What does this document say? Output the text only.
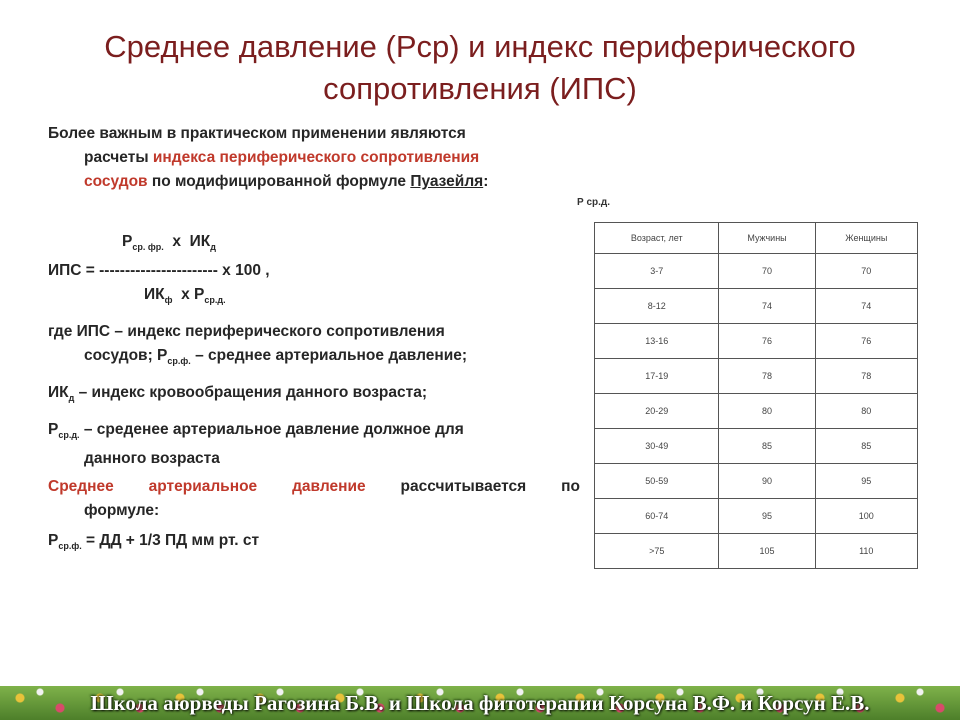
Среднее давление (Рср) и индекс периферического
сопротивления (ИПС)

Более важным в практическом применении являются

расчеты индекса периферического сопротивления

сосудов по модифицированной формуле Пуазейля:

$Р_{ср. фр.}$  х  $ИК_д$

ИПС = ----------------------- х 100 ,

$ИК_ф$  х $Р_{ср.д.}$

где ИПС – индекс периферического сопротивления

сосудов; $Р_{ср.ф.}$ – среднее артериальное давление;

$ИК_д$ – индекс кровообращения данного возраста;

$Р_{ср.д.}$ – среденее артериальное давление должное для

данного возраста

Среднее артериальное давление рассчитывается по

формуле:

$Р_{ср.ф.}$ = ДД + 1/3 ПД мм рт. ст

Р ср.д.
Возраст, лет	Мужчины	Женщины
3-7	70	70
8-12	74	74
13-16	76	76
17-19	78	78
20-29	80	80
30-49	85	85
50-59	90	95
60-74	95	100
>75	105	110
Школа аюрведы Рагозина Б.В. и Школа фитотерапии Корсуна В.Ф. и Корсун Е.В.
